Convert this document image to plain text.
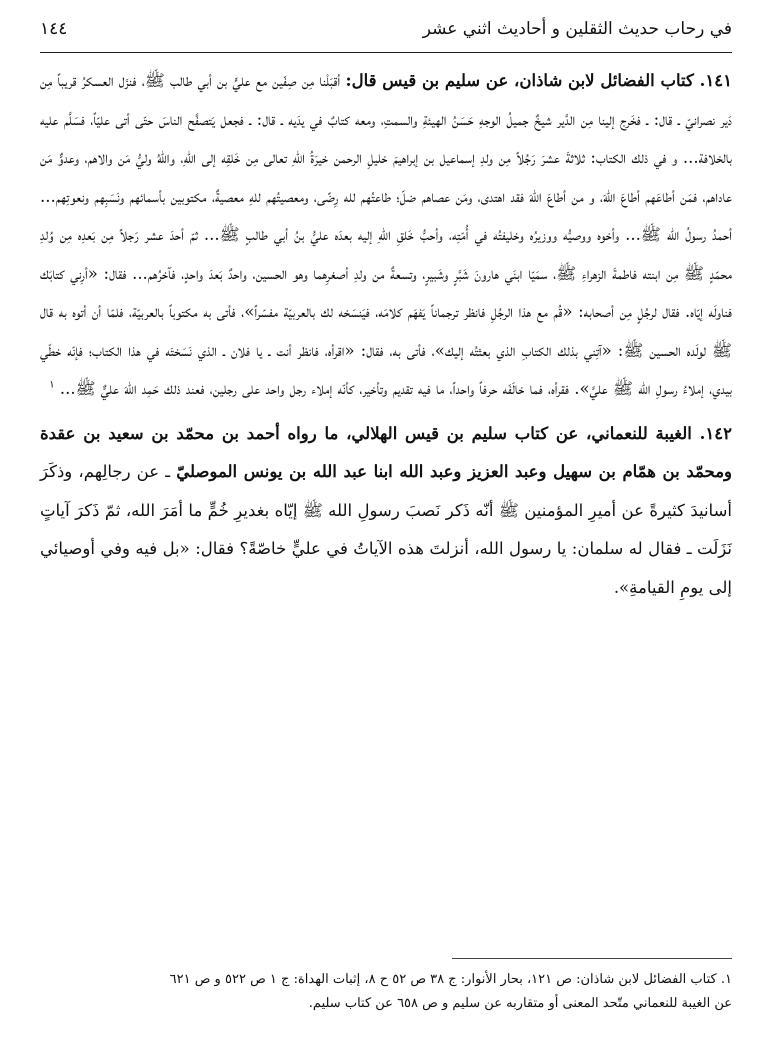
في رحاب حديث الثقلين و أحاديث اثني عشر
١٤٤

١٤١. كتاب الفضائل لابن شاذان، عن سليم بن قيس قال: أقبَلْنا مِن صِفّين مع عليٍّ بن أبي طالب ﷺ، فنزَل العسكرُ قريباً مِن دَير نصرانيّ ـ قال: ـ فخَرج إلينا مِن الدَّير شيخٌ جميلُ الوجهِ حَسَنُ الهيئةِ والسمتِ، ومعه كتابٌ في يدَيه ـ قال: ـ فجعل يَتصفَّح الناسَ حتّى أتى عليّاً، فسَلَّم عليه بالخلافة... و في ذلك الكتاب: ثلاثةَ عشرَ رَجُلاً مِن ولدِ إسماعيل بن إبراهيمَ خليلِ الرحمن خيرَةُ اللهِ تعالى مِن خَلقِه إلى اللهِ، واللهُ وليُّ مَن والاهم، وعدوٌّ مَن عاداهم، فمَن أطاعَهم أطاعَ اللهَ، و من أطاعَ اللهَ فقد اهتدى، ومَن عصاهم ضلّ؛ طاعتُهم لله رِضًى، ومعصيتُهم للهِ معصيةٌ، مكتوبين بأسمائهم ونَسَبِهم ونعوتِهم... أحمدُ رسولُ الله ﷺ... وأخوه ووصيُّه ووزيرُه وخليفتُه في أُمّتِه، وأحبُّ خَلقِ اللهِ إليه بعدَه عليُّ بنُ أبي طالبٍ ﷺ... ثمّ أحدَ عشر رَجلاً مِن بَعدِه مِن وُلدِ محمّدٍ ﷺ مِن ابنته فاطمةَ الزهراءِ ﷺ، سمَيّا ابنَي هارونَ شَبَّرٍ وشَبيرٍ، وتسعةٌ من ولدِ أصغرِهما وهو الحسين، واحدٌ بَعدَ واحدٍ، فآخرُهم... فقال: «أرِني كتابَك فناولَه إيّاه. فقال لرجُلٍ مِن أصحابه: «قُم مع هذا الرجُلِ فانظر ترجماناً يَفهَم كلامَه، فيَنسَخه لك بالعربيّة مفسّراً»، فأتى به مكتوباً بالعربيّة، فلمّا أن أتوه به قال ﷺ لولَده الحسين ﷺ: «آتِني بذلك الكتابِ الذي بعثتُه إليك»، فأتى به، فقال: «اقرأه، فانظر أنت ـ يا فلان ـ الذي نَسَختَه في هذا الكتاب؛ فإنّه خطّي بيدي، إملاءُ رسولِ الله ﷺ عليَّ». فقرأه، فما خالَفَه حرفاً واحداً، ما فيه تقديم وتأخير، كأنّه إملاء رجل واحد على رجلين، فعند ذلك حَمِد اللهَ عليٌّ ﷺ... $^١$

١٤٢. الغيبة للنعماني، عن كتاب سليم بن قيس الهلالي، ما رواه أحمد بن محمّد بن سعيد بن عقدة ومحمّد بن همّام بن سهيل وعبد العزيز وعبد الله ابنا عبد الله بن يونس الموصليّ ـ عن رجالِهم، وذكَرَ أسانيدَ كثيرةً عن أميرِ المؤمنين ﷺ أنّه ذَكر نَصبَ رسولِ الله ﷺ إيّاه بغديرِ خُمٍّ ما أمَرَ الله، ثمّ ذَكرَ آياتٍ نَزَلَت ـ فقال له سلمان: يا رسول الله، أنزلتَ هذه الآياتُ في عليٍّ خاصّةً؟ فقال: «بل فيه وفي أوصيائي إلى يومِ القيامةِ».

١. كتاب الفضائل لابن شاذان: ص ١٢١، بحار الأنوار: ج ٣٨ ص ٥٢ ح ٨، إثبات الهداة: ج ١ ص ٥٢٢ و ص ٦٢١

عن الغيبة للنعماني متّحد المعنى أو متقاربه عن سليم و ص ٦٥٨ عن كتاب سليم.
